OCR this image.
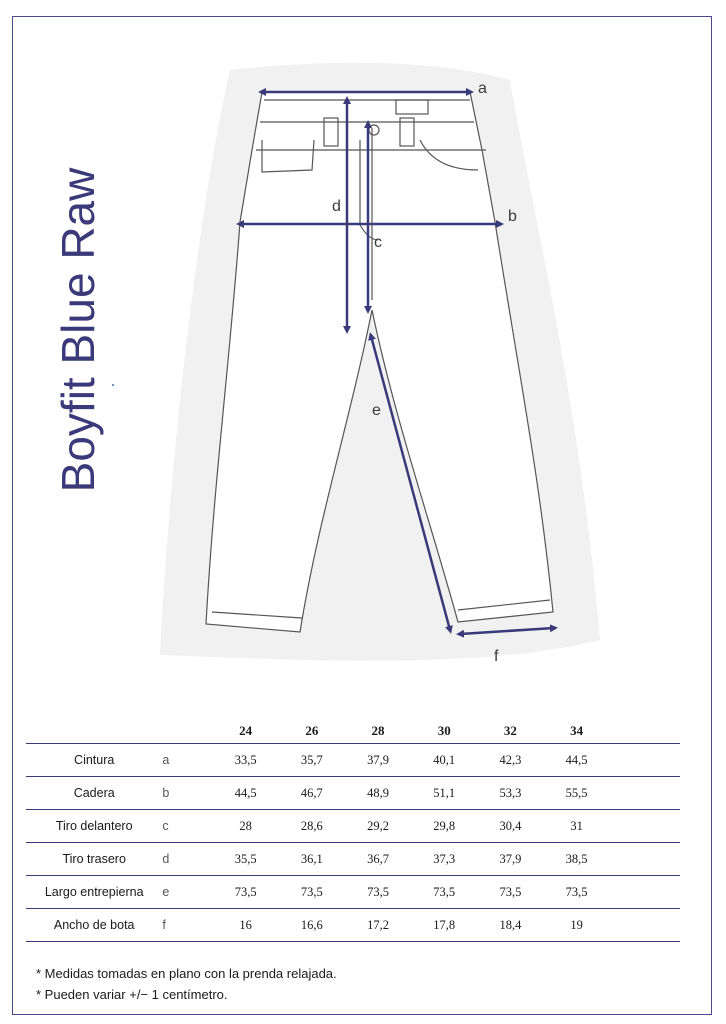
Boyfit Blue Raw
a
b
c
d
e
f
		24	26	28	30	32	34	
Cintura	a	33,5	35,7	37,9	40,1	42,3	44,5	
Cadera	b	44,5	46,7	48,9	51,1	53,3	55,5	
Tiro delantero	c	28	28,6	29,2	29,8	30,4	31	
Tiro trasero	d	35,5	36,1	36,7	37,3	37,9	38,5	
Largo entrepierna	e	73,5	73,5	73,5	73,5	73,5	73,5	
Ancho de bota	f	16	16,6	17,2	17,8	18,4	19	
* Medidas tomadas en plano con la prenda relajada.
* Pueden variar +/− 1 centímetro.
